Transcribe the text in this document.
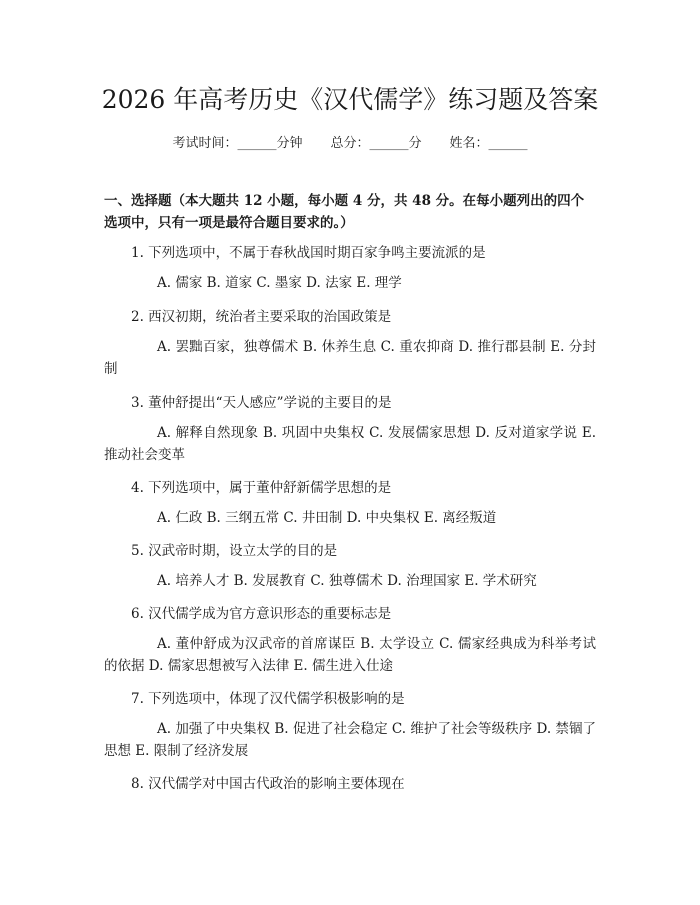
2026 年高考历史《汉代儒学》练习题及答案
考试时间：______分钟 总分：______分 姓名：______
一、选择题（本大题共 12 小题，每小题 4 分，共 48 分。在每小题列出的四个选项中，只有一项是最符合题目要求的。）
1. 下列选项中，不属于春秋战国时期百家争鸣主要流派的是
A. 儒家 B. 道家 C. 墨家 D. 法家 E. 理学
2. 西汉初期，统治者主要采取的治国政策是
A. 罢黜百家，独尊儒术 B. 休养生息 C. 重农抑商 D. 推行郡县制 E. 分封制
3. 董仲舒提出“天人感应”学说的主要目的是
A. 解释自然现象 B. 巩固中央集权 C. 发展儒家思想 D. 反对道家学说 E. 推动社会变革
4. 下列选项中，属于董仲舒新儒学思想的是
A. 仁政 B. 三纲五常 C. 井田制 D. 中央集权 E. 离经叛道
5. 汉武帝时期，设立太学的目的是
A. 培养人才 B. 发展教育 C. 独尊儒术 D. 治理国家 E. 学术研究
6. 汉代儒学成为官方意识形态的重要标志是
A. 董仲舒成为汉武帝的首席谋臣 B. 太学设立 C. 儒家经典成为科举考试的依据 D. 儒家思想被写入法律 E. 儒生进入仕途
7. 下列选项中，体现了汉代儒学积极影响的是
A. 加强了中央集权 B. 促进了社会稳定 C. 维护了社会等级秩序 D. 禁锢了思想 E. 限制了经济发展
8. 汉代儒学对中国古代政治的影响主要体现在
